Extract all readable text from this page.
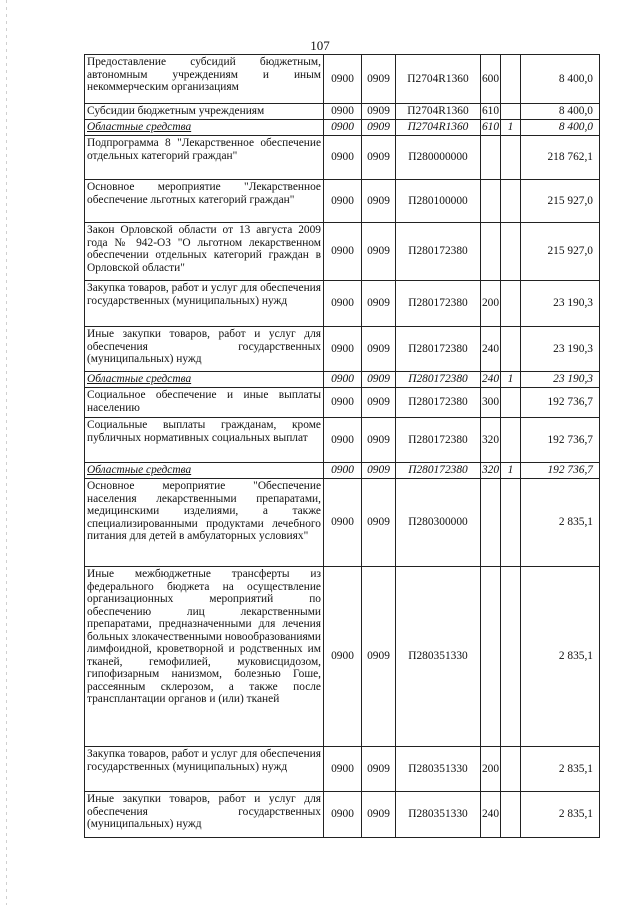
107
Предоставление субсидий бюджетным, автономным учреждениям и иным некоммерческим организациям	0900	0909	П2704R1360	600		8 400,0
Субсидии бюджетным учреждениям	0900	0909	П2704R1360	610		8 400,0
Областные средства	0900	0909	П2704R1360	610	1	8 400,0
Подпрограмма 8 "Лекарственное обеспечение отдельных категорий граждан"	0900	0909	П280000000			218 762,1
Основное мероприятие "Лекарственное обеспечение льготных категорий граждан"	0900	0909	П280100000			215 927,0
Закон Орловской области от 13 августа 2009 года № 942-ОЗ "О льготном лекарственном обеспечении отдельных категорий граждан в Орловской области"	0900	0909	П280172380			215 927,0
Закупка товаров, работ и услуг для обеспечения государственных (муниципальных) нужд	0900	0909	П280172380	200		23 190,3
Иные закупки товаров, работ и услуг для обеспечения государственных (муниципальных) нужд	0900	0909	П280172380	240		23 190,3
Областные средства	0900	0909	П280172380	240	1	23 190,3
Социальное обеспечение и иные выплаты населению	0900	0909	П280172380	300		192 736,7
Социальные выплаты гражданам, кроме публичных нормативных социальных выплат	0900	0909	П280172380	320		192 736,7
Областные средства	0900	0909	П280172380	320	1	192 736,7
Основное мероприятие "Обеспечение населения лекарственными препаратами, медицинскими изделиями, а также специализированными продуктами лечебного питания для детей в амбулаторных условиях"	0900	0909	П280300000			2 835,1
Иные межбюджетные трансферты из федерального бюджета на осуществление организационных мероприятий по обеспечению лиц лекарственными препаратами, предназначенными для лечения больных злокачественными новообразованиями лимфоидной, кроветворной и родственных им тканей, гемофилией, муковисцидозом, гипофизарным нанизмом, болезнью Гоше, рассеянным склерозом, а также после трансплантации органов и (или) тканей	0900	0909	П280351330			2 835,1
Закупка товаров, работ и услуг для обеспечения государственных (муниципальных) нужд	0900	0909	П280351330	200		2 835,1
Иные закупки товаров, работ и услуг для обеспечения государственных (муниципальных) нужд	0900	0909	П280351330	240		2 835,1
